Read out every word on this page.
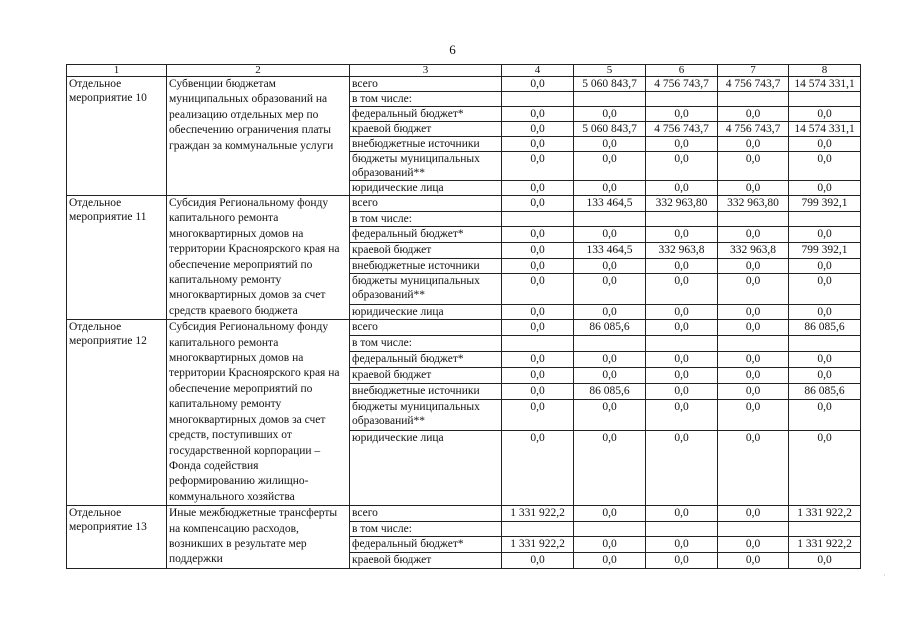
6
1	2	3	4	5	6	7	8
Отдельное мероприятие 10	Субвенции бюджетам муниципальных образований на реализацию отдельных мер по обеспечению ограничения платы граждан за коммунальные услуги	всего	0,0	5 060 843,7	4 756 743,7	4 756 743,7	14 574 331,1
		в том числе:					
		федеральный бюджет*	0,0	0,0	0,0	0,0	0,0
		краевой бюджет	0,0	5 060 843,7	4 756 743,7	4 756 743,7	14 574 331,1
		внебюджетные источники	0,0	0,0	0,0	0,0	0,0
		бюджеты муниципальных образований**	0,0	0,0	0,0	0,0	0,0
		юридические лица	0,0	0,0	0,0	0,0	0,0
Отдельное мероприятие 11	Субсидия Региональному фонду капитального ремонта многоквартирных домов на территории Красноярского края на обеспечение мероприятий по капитальному ремонту многоквартирных домов за счет средств краевого бюджета	всего	0,0	133 464,5	332 963,80	332 963,80	799 392,1
		в том числе:					
		федеральный бюджет*	0,0	0,0	0,0	0,0	0,0
		краевой бюджет	0,0	133 464,5	332 963,8	332 963,8	799 392,1
		внебюджетные источники	0,0	0,0	0,0	0,0	0,0
		бюджеты муниципальных образований**	0,0	0,0	0,0	0,0	0,0
		юридические лица	0,0	0,0	0,0	0,0	0,0
Отдельное мероприятие 12	Субсидия Региональному фонду капитального ремонта многоквартирных домов на территории Красноярского края на обеспечение мероприятий по капитальному ремонту многоквартирных домов за счет средств, поступивших от государственной корпорации – Фонда содействия реформированию жилищно-коммунального хозяйства	всего	0,0	86 085,6	0,0	0,0	86 085,6
		в том числе:					
		федеральный бюджет*	0,0	0,0	0,0	0,0	0,0
		краевой бюджет	0,0	0,0	0,0	0,0	0,0
		внебюджетные источники	0,0	86 085,6	0,0	0,0	86 085,6
		бюджеты муниципальных образований**	0,0	0,0	0,0	0,0	0,0
		юридические лица	0,0	0,0	0,0	0,0	0,0
Отдельное мероприятие 13	Иные межбюджетные трансферты на компенсацию расходов, возникших в результате мер поддержки	всего	1 331 922,2	0,0	0,0	0,0	1 331 922,2
		в том числе:					
		федеральный бюджет*	1 331 922,2	0,0	0,0	0,0	1 331 922,2
		краевой бюджет	0,0	0,0	0,0	0,0	0,0
·
